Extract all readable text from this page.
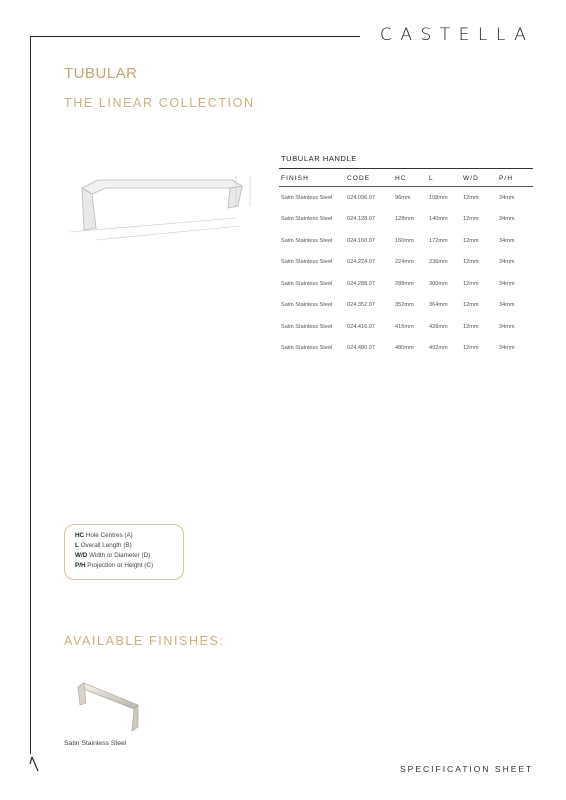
CASTELLA
TUBULAR
THE LINEAR COLLECTION
TUBULAR HANDLE
FINISH	CODE	HC	L	W/D	P/H
Satin Stainless Steel	024.096.07	96mm	108mm	12mm	34mm
Satin Stainless Steel	024.128.07	128mm	140mm	12mm	34mm
Satin Stainless Steel	024.160.07	160mm	172mm	12mm	34mm
Satin Stainless Steel	024.224.07	224mm	236mm	12mm	34mm
Satin Stainless Steel	024.288.07	288mm	300mm	12mm	34mm
Satin Stainless Steel	024.352.07	352mm	364mm	12mm	34mm
Satin Stainless Steel	024.416.07	416mm	428mm	12mm	34mm
Satin Stainless Steel	024.480.07	480mm	492mm	12mm	34mm
HC Hole Centres (A)
L Overall Length (B)
W/D Width or Diameter (D)
P/H Projection or Height (C)
AVAILABLE FINISHES:
Satin Stainless Steel
SPECIFICATION SHEET
